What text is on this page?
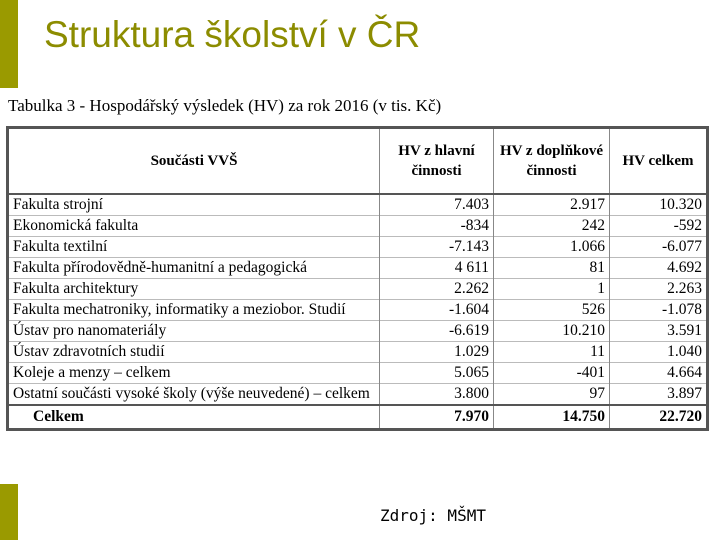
Struktura školství v ČR
Tabulka 3 - Hospodářský výsledek (HV) za rok 2016 (v tis. Kč)
Součásti VVŠ	HV z hlavní činnosti	HV z doplňkové činnosti	HV celkem
Fakulta strojní	7.403	2.917	10.320
Ekonomická fakulta	-834	242	-592
Fakulta textilní	-7.143	1.066	-6.077
Fakulta přírodovědně-humanitní a pedagogická	4 611	81	4.692
Fakulta architektury	2.262	1	2.263
Fakulta mechatroniky, informatiky a meziobor. Studií	-1.604	526	-1.078
Ústav pro nanomateriály	-6.619	10.210	3.591
Ústav zdravotních studií	1.029	11	1.040
Koleje a menzy – celkem	5.065	-401	4.664
Ostatní součásti vysoké školy (výše neuvedené) – celkem	3.800	97	3.897
Celkem	7.970	14.750	22.720
Zdroj: MŠMT
